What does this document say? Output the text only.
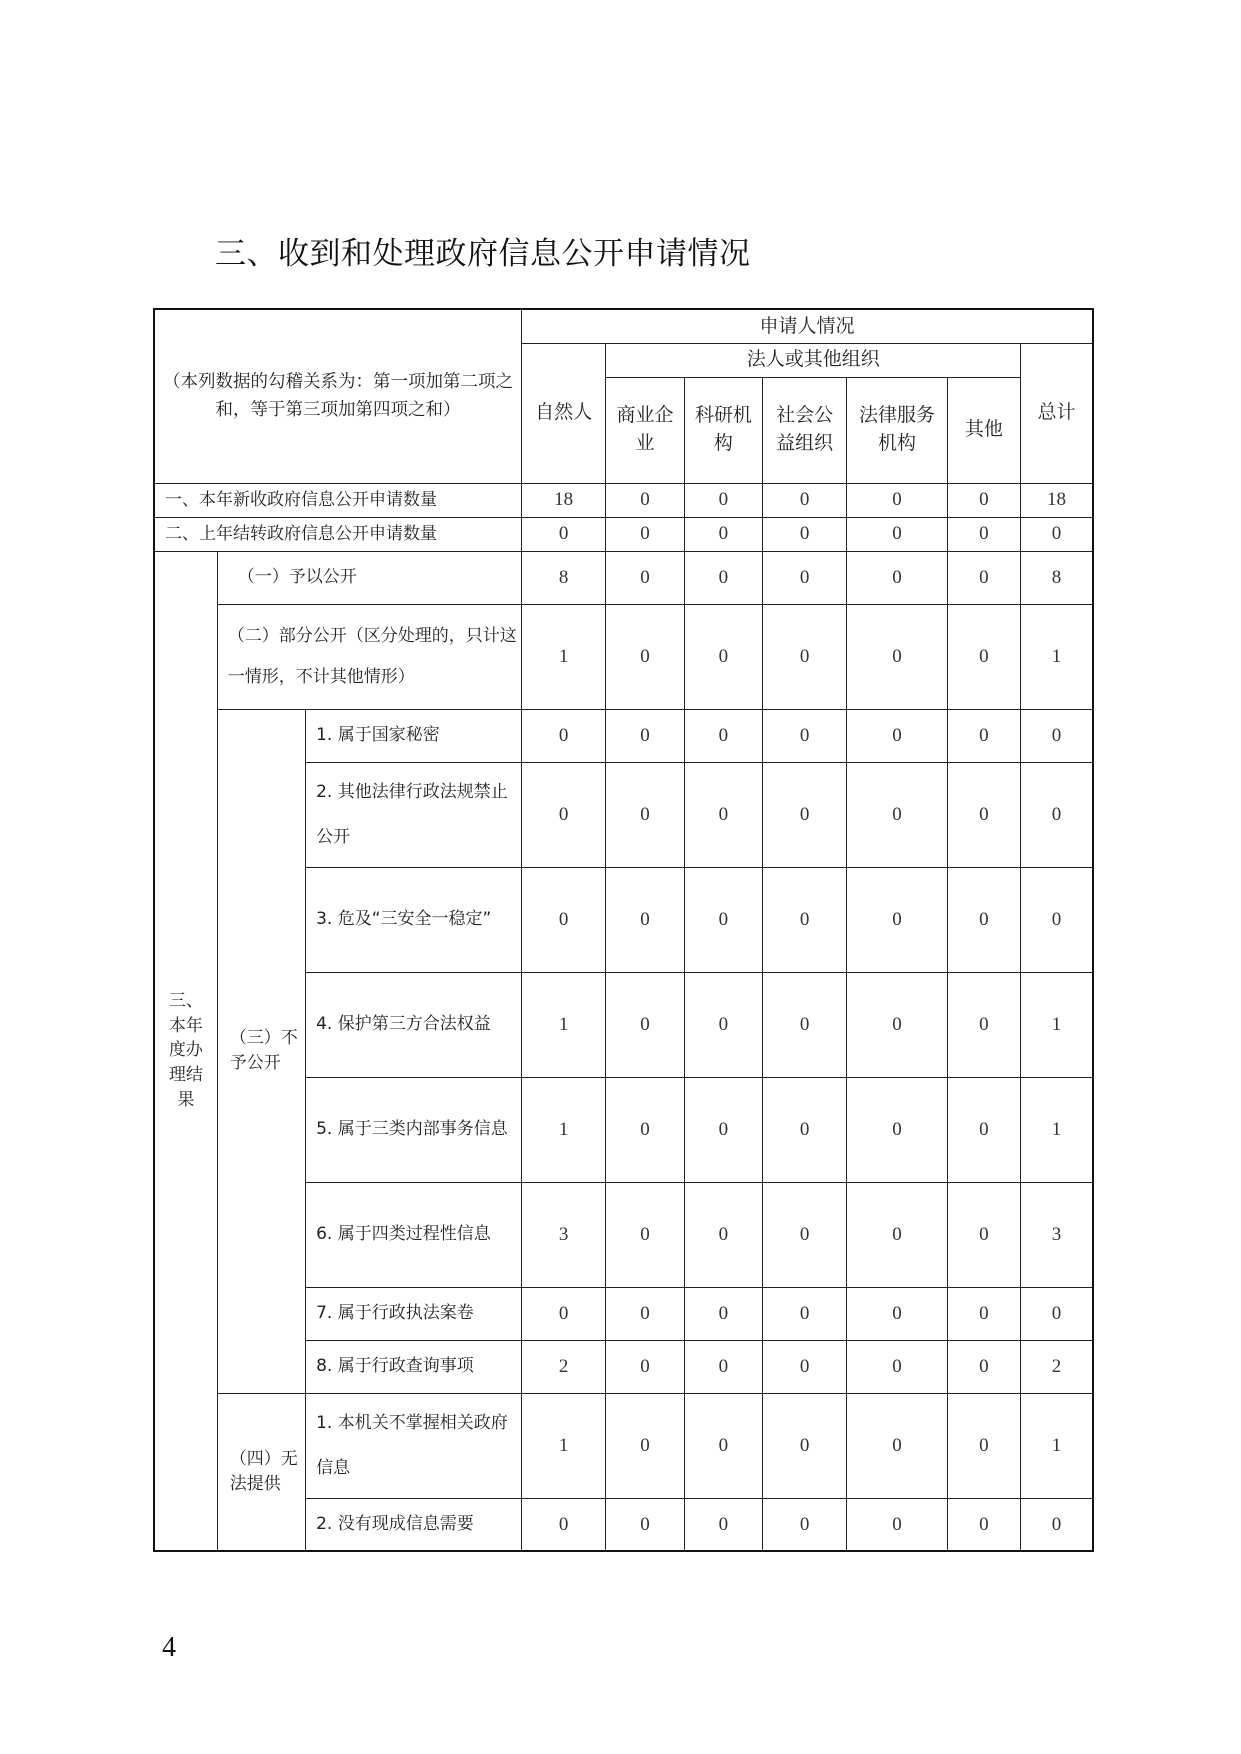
三、收到和处理政府信息公开申请情况
（本列数据的勾稽关系为：第一项加第二项之和，等于第三项加第四项之和）			申请人情况						
			自然人	法人或其他组织					总计
				商业企业	科研机构	社会公益组织	法律服务机构	其他	
一、本年新收政府信息公开申请数量			18	0	0	0	0	0	18
二、上年结转政府信息公开申请数量			0	0	0	0	0	0	0
三、本年度办理结果	（一）予以公开		8	0	0	0	0	0	8
	（二）部分公开（区分处理的，只计这一情形，不计其他情形）		1	0	0	0	0	0	1
	（三）不予公开	1. 属于国家秘密	0	0	0	0	0	0	0
		2. 其他法律行政法规禁止公开	0	0	0	0	0	0	0
		3. 危及“三安全一稳定”	0	0	0	0	0	0	0
		4. 保护第三方合法权益	1	0	0	0	0	0	1
		5. 属于三类内部事务信息	1	0	0	0	0	0	1
		6. 属于四类过程性信息	3	0	0	0	0	0	3
		7. 属于行政执法案卷	0	0	0	0	0	0	0
		8. 属于行政查询事项	2	0	0	0	0	0	2
	（四）无法提供	1. 本机关不掌握相关政府信息	1	0	0	0	0	0	1
		2. 没有现成信息需要	0	0	0	0	0	0	0
4
